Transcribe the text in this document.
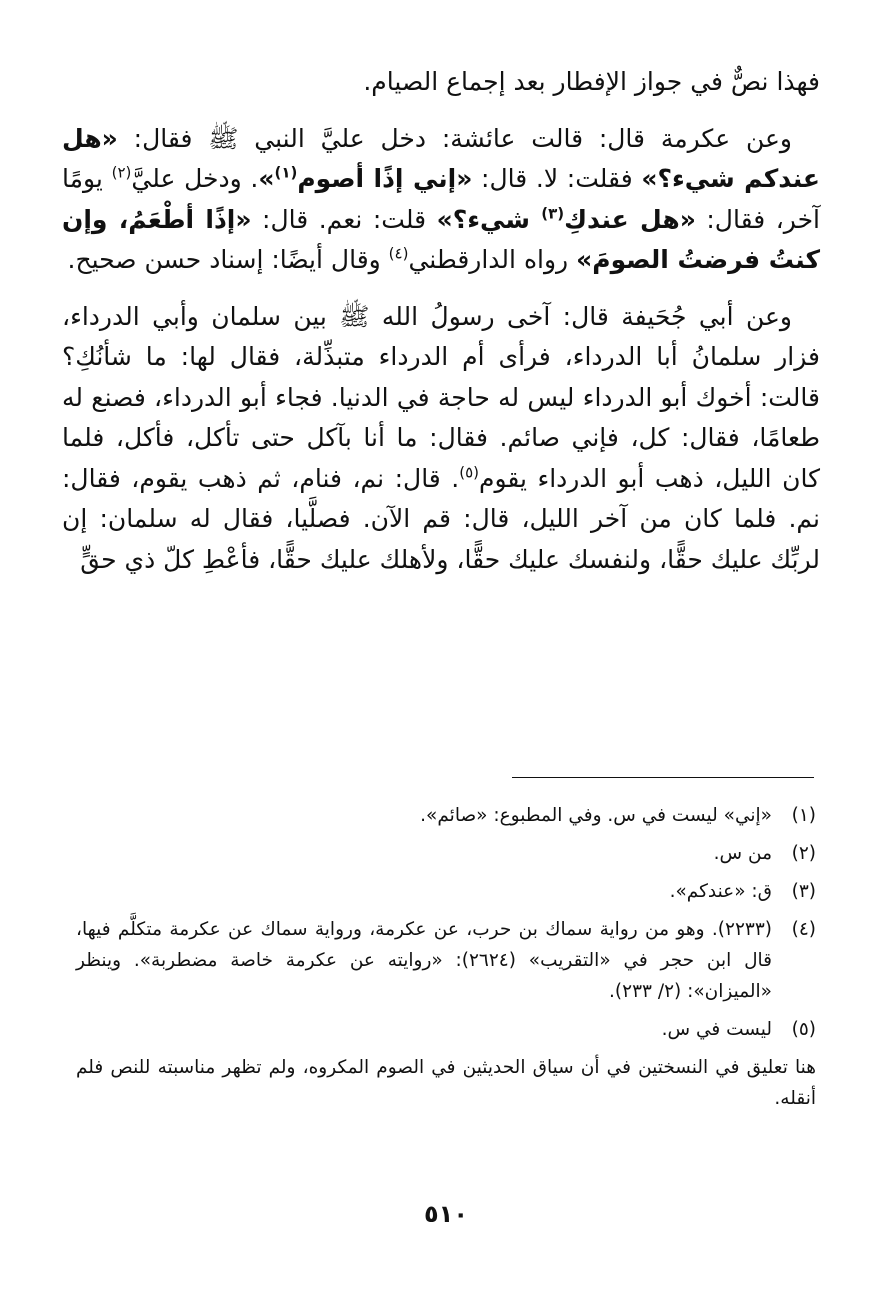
فهذا نصٌّ في جواز الإفطار بعد إجماع الصيام.

وعن عكرمة قال: قالت عائشة: دخل عليَّ النبي ﷺ فقال: «هل عندكم شيء؟» فقلت: لا. قال: «إني إذًا أصوم$^{(١)}$». ودخل عليَّ$^{(٢)}$ يومًا آخر، فقال: «هل عندكِ$^{(٣)}$ شيء؟» قلت: نعم. قال: «إذًا أطْعَمُ، وإن كنتُ فرضتُ الصومَ» رواه الدارقطني$^{(٤)}$ وقال أيضًا: إسناد حسن صحيح.

وعن أبي جُحَيفة قال: آخى رسولُ الله ﷺ بين سلمان وأبي الدرداء، فزار سلمانُ أبا الدرداء، فرأى أم الدرداء متبذِّلة، فقال لها: ما شأنُكِ؟ قالت: أخوك أبو الدرداء ليس له حاجة في الدنيا. فجاء أبو الدرداء، فصنع له طعامًا، فقال: كل، فإني صائم. فقال: ما أنا بآكل حتى تأكل، فأكل، فلما كان الليل، ذهب أبو الدرداء يقوم$^{(٥)}$. قال: نم، فنام، ثم ذهب يقوم، فقال: نم. فلما كان من آخر الليل، قال: قم الآن. فصلَّيا، فقال له سلمان: إن لربِّك عليك حقًّا، ولنفسك عليك حقًّا، ولأهلك عليك حقًّا، فأعْطِ كلّ ذي حقٍّ

(١)
«إني» ليست في س. وفي المطبوع: «صائم».
(٢)
من س.
(٣)
ق: «عندكم».
(٤)
(٢٢٣٣). وهو من رواية سماك بن حرب، عن عكرمة، ورواية سماك عن عكرمة متكلَّم فيها، قال ابن حجر في «التقريب» (٢٦٢٤): «روايته عن عكرمة خاصة مضطربة». وينظر «الميزان»: (٢/ ٢٣٣).
(٥)
ليست في س.
هنا تعليق في النسختين في أن سياق الحديثين في الصوم المكروه، ولم تظهر مناسبته للنص فلم أنقله.
٥١٠
